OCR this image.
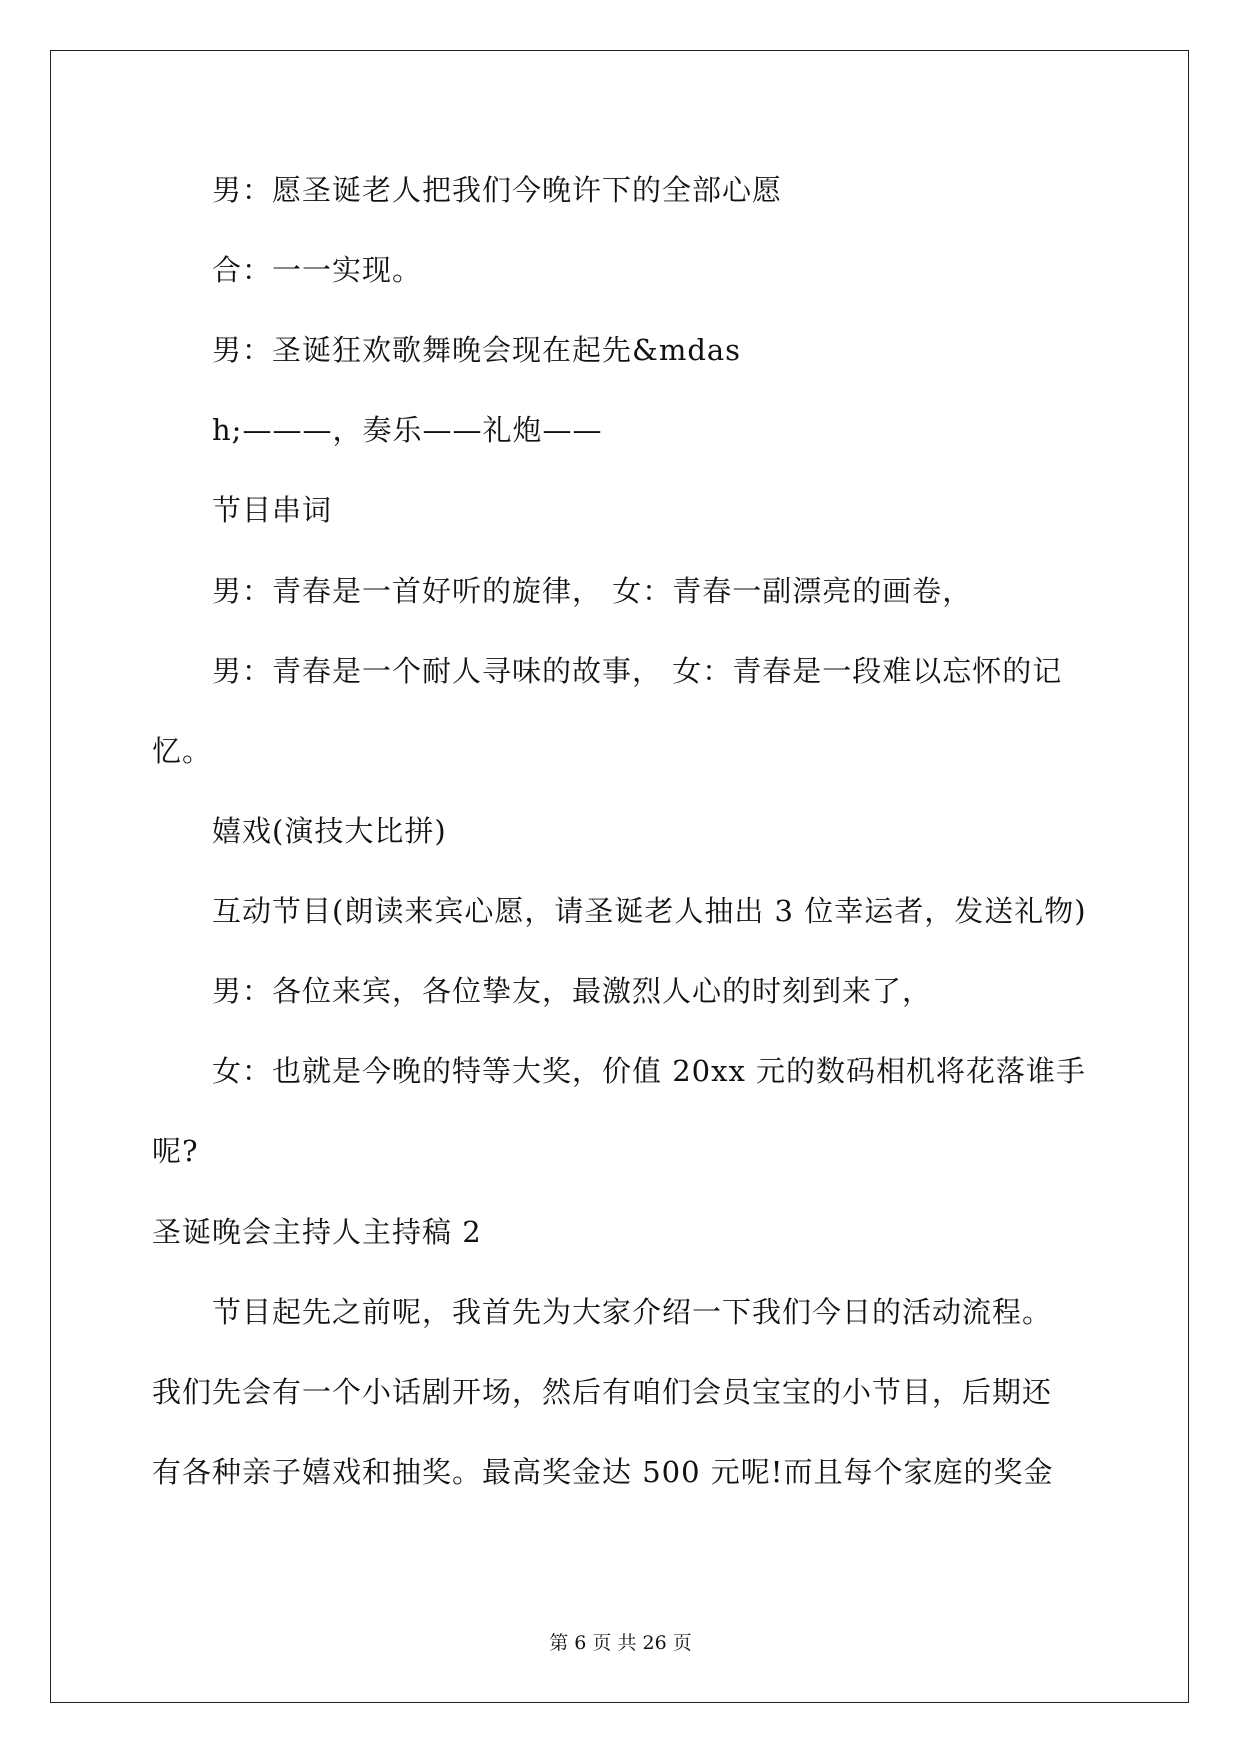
男：愿圣诞老人把我们今晚许下的全部心愿
合：一一实现。
男：圣诞狂欢歌舞晚会现在起先&mdas
h;———，奏乐——礼炮——
节目串词
男：青春是一首好听的旋律， 女：青春一副漂亮的画卷，
男：青春是一个耐人寻味的故事， 女：青春是一段难以忘怀的记
忆。
嬉戏(演技大比拼)
互动节目(朗读来宾心愿，请圣诞老人抽出 3 位幸运者，发送礼物)
男：各位来宾，各位挚友，最激烈人心的时刻到来了，
女：也就是今晚的特等大奖，价值 20xx 元的数码相机将花落谁手
呢?
圣诞晚会主持人主持稿 2
节目起先之前呢，我首先为大家介绍一下我们今日的活动流程。
我们先会有一个小话剧开场，然后有咱们会员宝宝的小节目，后期还
有各种亲子嬉戏和抽奖。最高奖金达 500 元呢!而且每个家庭的奖金
第 6 页 共 26 页
